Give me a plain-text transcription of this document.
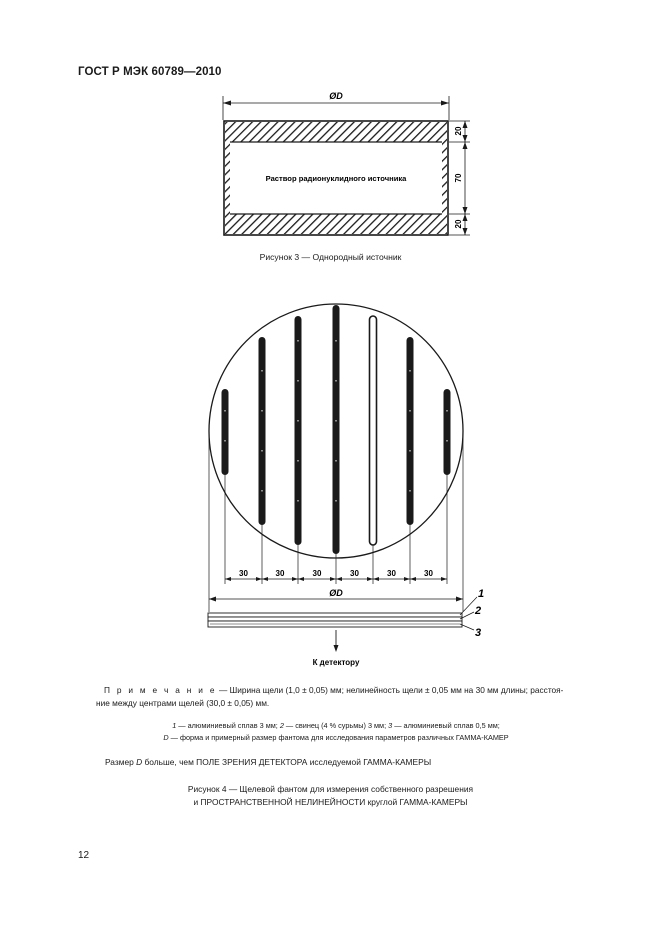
ГОСТ Р МЭК 60789—2010
ØD
Раствор радионуклидного источника
20
70
20
Рисунок 3 — Однородный источник
30	30	30	30	30	30
ØD	1
2
3
К детектору
П р и м е ч а н и е — Ширина щели (1,0 ± 0,05) мм; нелинейность щели ± 0,05 мм на 30 мм длины; расстоя-
ние между центрами щелей (30,0 ± 0,05) мм.
1 — алюминиевый сплав 3 мм; 2 — свинец (4 % сурьмы) 3 мм; 3 — алюминиевый сплав 0,5 мм;
D — форма и примерный размер фантома для исследования параметров различных ГАММА-КАМЕР
Размер D больше, чем ПОЛЕ ЗРЕНИЯ ДЕТЕКТОРА исследуемой ГАММА-КАМЕРЫ
Рисунок 4 — Щелевой фантом для измерения собственного разрешения
и ПРОСТРАНСТВЕННОЙ НЕЛИНЕЙНОСТИ круглой ГАММА-КАМЕРЫ
12
